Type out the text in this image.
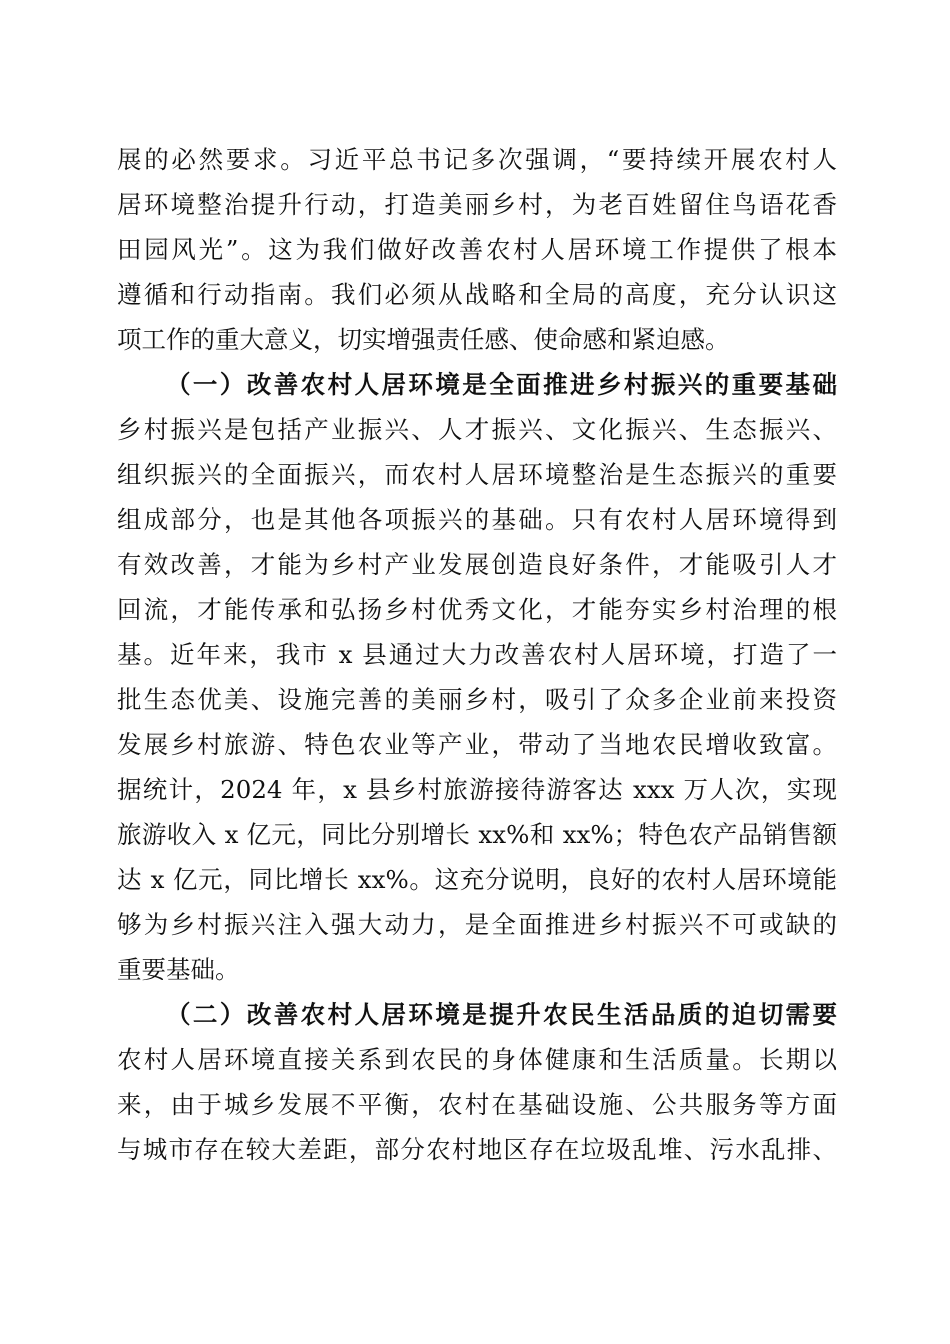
展的必然要求。习近平总书记多次强调，“要持续开展农村人
居环境整治提升行动，打造美丽乡村，为老百姓留住鸟语花香
田园风光”。这为我们做好改善农村人居环境工作提供了根本
遵循和行动指南。我们必须从战略和全局的高度，充分认识这
项工作的重大意义，切实增强责任感、使命感和紧迫感。
（一）改善农村人居环境是全面推进乡村振兴的重要基础
乡村振兴是包括产业振兴、人才振兴、文化振兴、生态振兴、
组织振兴的全面振兴，而农村人居环境整治是生态振兴的重要
组成部分，也是其他各项振兴的基础。只有农村人居环境得到
有效改善，才能为乡村产业发展创造良好条件，才能吸引人才
回流，才能传承和弘扬乡村优秀文化，才能夯实乡村治理的根
基。近年来，我市 x 县通过大力改善农村人居环境，打造了一
批生态优美、设施完善的美丽乡村，吸引了众多企业前来投资
发展乡村旅游、特色农业等产业，带动了当地农民增收致富。
据统计，2024 年，x 县乡村旅游接待游客达 xxx 万人次，实现
旅游收入 x 亿元，同比分别增长 xx%和 xx%；特色农产品销售额
达 x 亿元，同比增长 xx%。这充分说明，良好的农村人居环境能
够为乡村振兴注入强大动力，是全面推进乡村振兴不可或缺的
重要基础。
（二）改善农村人居环境是提升农民生活品质的迫切需要
农村人居环境直接关系到农民的身体健康和生活质量。长期以
来，由于城乡发展不平衡，农村在基础设施、公共服务等方面
与城市存在较大差距，部分农村地区存在垃圾乱堆、污水乱排、
